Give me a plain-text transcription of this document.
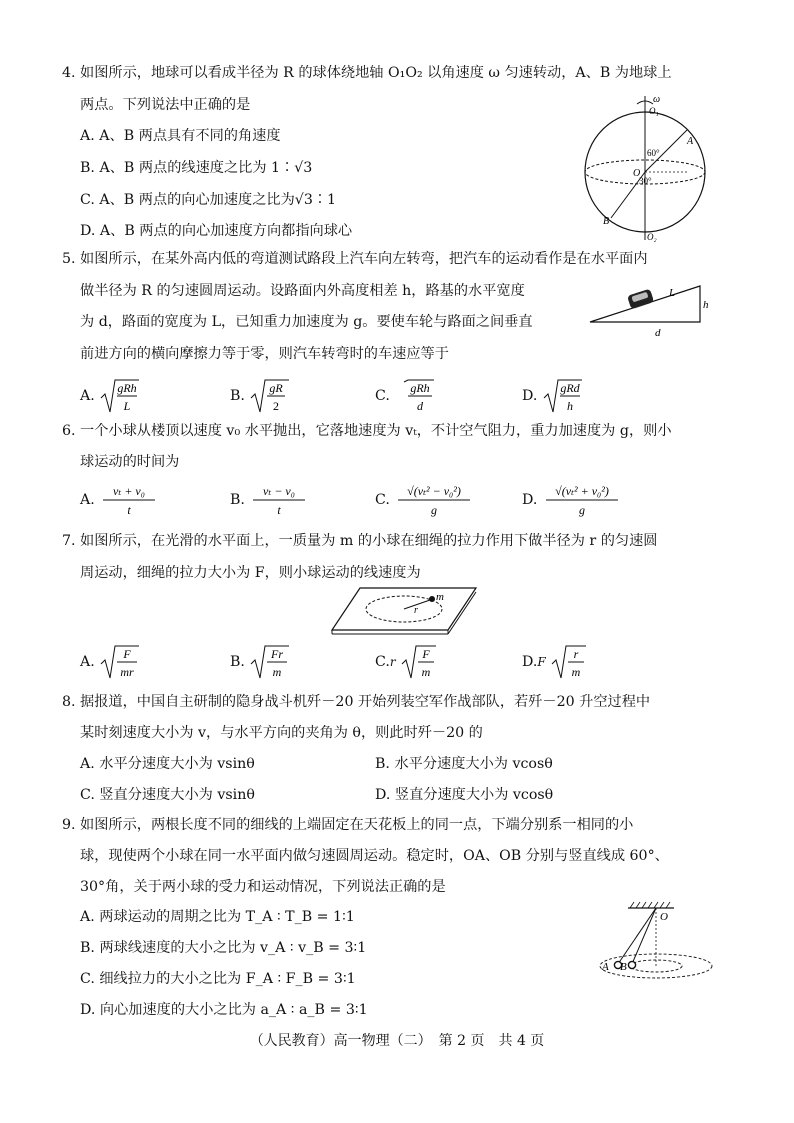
4. 如图所示，地球可以看成半径为 R 的球体绕地轴 O₁O₂ 以角速度 ω 匀速转动，A、B 为地球上
两点。下列说法中正确的是
A. A、B 两点具有不同的角速度
B. A、B 两点的线速度之比为 1∶√3
C. A、B 两点的向心加速度之比为√3∶1
D. A、B 两点的向心加速度方向都指向球心
ω
O₁
A
60°
O
30°
B
O₂
5. 如图所示，在某外高内低的弯道测试路段上汽车向左转弯，把汽车的运动看作是在水平面内
做半径为 R 的匀速圆周运动。设路面内外高度相差 h，路基的水平宽度
为 d，路面的宽度为 L，已知重力加速度为 g。要使车轮与路面之间垂直
前进方向的横向摩擦力等于零，则汽车转弯时的车速应等于
L
h
d
A. gRh
L
B. gR
2
C. gRh
d
D. gRd
h
6. 一个小球从楼顶以速度 v₀ 水平抛出，它落地速度为 vₜ，不计空气阻力，重力加速度为 g，则小
球运动的时间为
A.
vₜ + v₀
t
B.
vₜ − v₀
t
C.
√(vₜ² − v₀²)
g
D.
√(vₜ² + v₀²)
g
7. 如图所示，在光滑的水平面上，一质量为 m 的小球在细绳的拉力作用下做半径为 r 的匀速圆
周运动，细绳的拉力大小为 F，则小球运动的线速度为
m
r
A. F
mr
B. Fr
m
C.r
F
m
D.F
r
m
8. 据报道，中国自主研制的隐身战斗机歼－20 开始列装空军作战部队，若歼－20 升空过程中
某时刻速度大小为 v，与水平方向的夹角为 θ，则此时歼－20 的
A. 水平分速度大小为 vsinθ	B. 水平分速度大小为 vcosθ
C. 竖直分速度大小为 vsinθ	D. 竖直分速度大小为 vcosθ
9. 如图所示，两根长度不同的细线的上端固定在天花板上的同一点，下端分别系一相同的小
球，现使两个小球在同一水平面内做匀速圆周运动。稳定时，OA、OB 分别与竖直线成 60°、
30°角，关于两小球的受力和运动情况，下列说法正确的是
A. 两球运动的周期之比为 T_A ∶ T_B = 1∶1
B. 两球线速度的大小之比为 v_A ∶ v_B = 3∶1
C. 细线拉力的大小之比为 F_A ∶ F_B = 3∶1
D. 向心加速度的大小之比为 a_A ∶ a_B = 3∶1
O
A B
（人民教育）高一物理（二）　第 2 页　共 4 页
